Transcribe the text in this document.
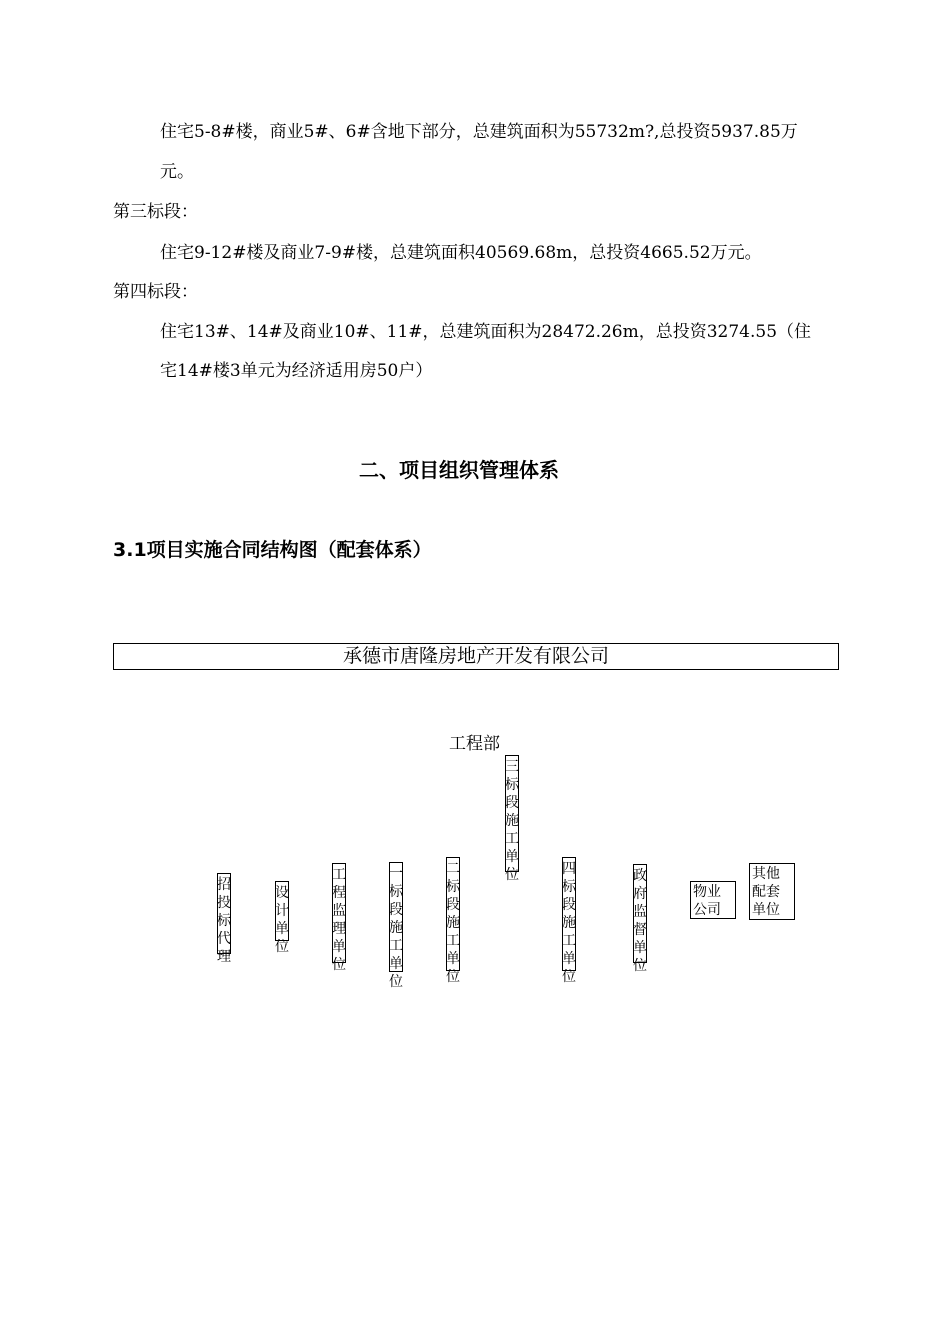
住宅5-8#楼，商业5#、6#含地下部分，总建筑面积为55732m?,总投资5937.85万

元。

第三标段：

住宅9-12#楼及商业7-9#楼，总建筑面积40569.68m，总投资4665.52万元。

第四标段：

住宅13#、14#及商业10#、11#，总建筑面积为28472.26m，总投资3274.55（住

宅14#楼3单元为经济适用房50户）

二、项目组织管理体系
3.1项目实施合同结构图（配套体系）
承德市唐隆房地产开发有限公司
工程部
三标段施工单位
招投标代理
设计单位
工程监理单位
一标段施工单位
二标段施工单位
四标段施工单位
政府监督单位
物业公司
其他配套单位
